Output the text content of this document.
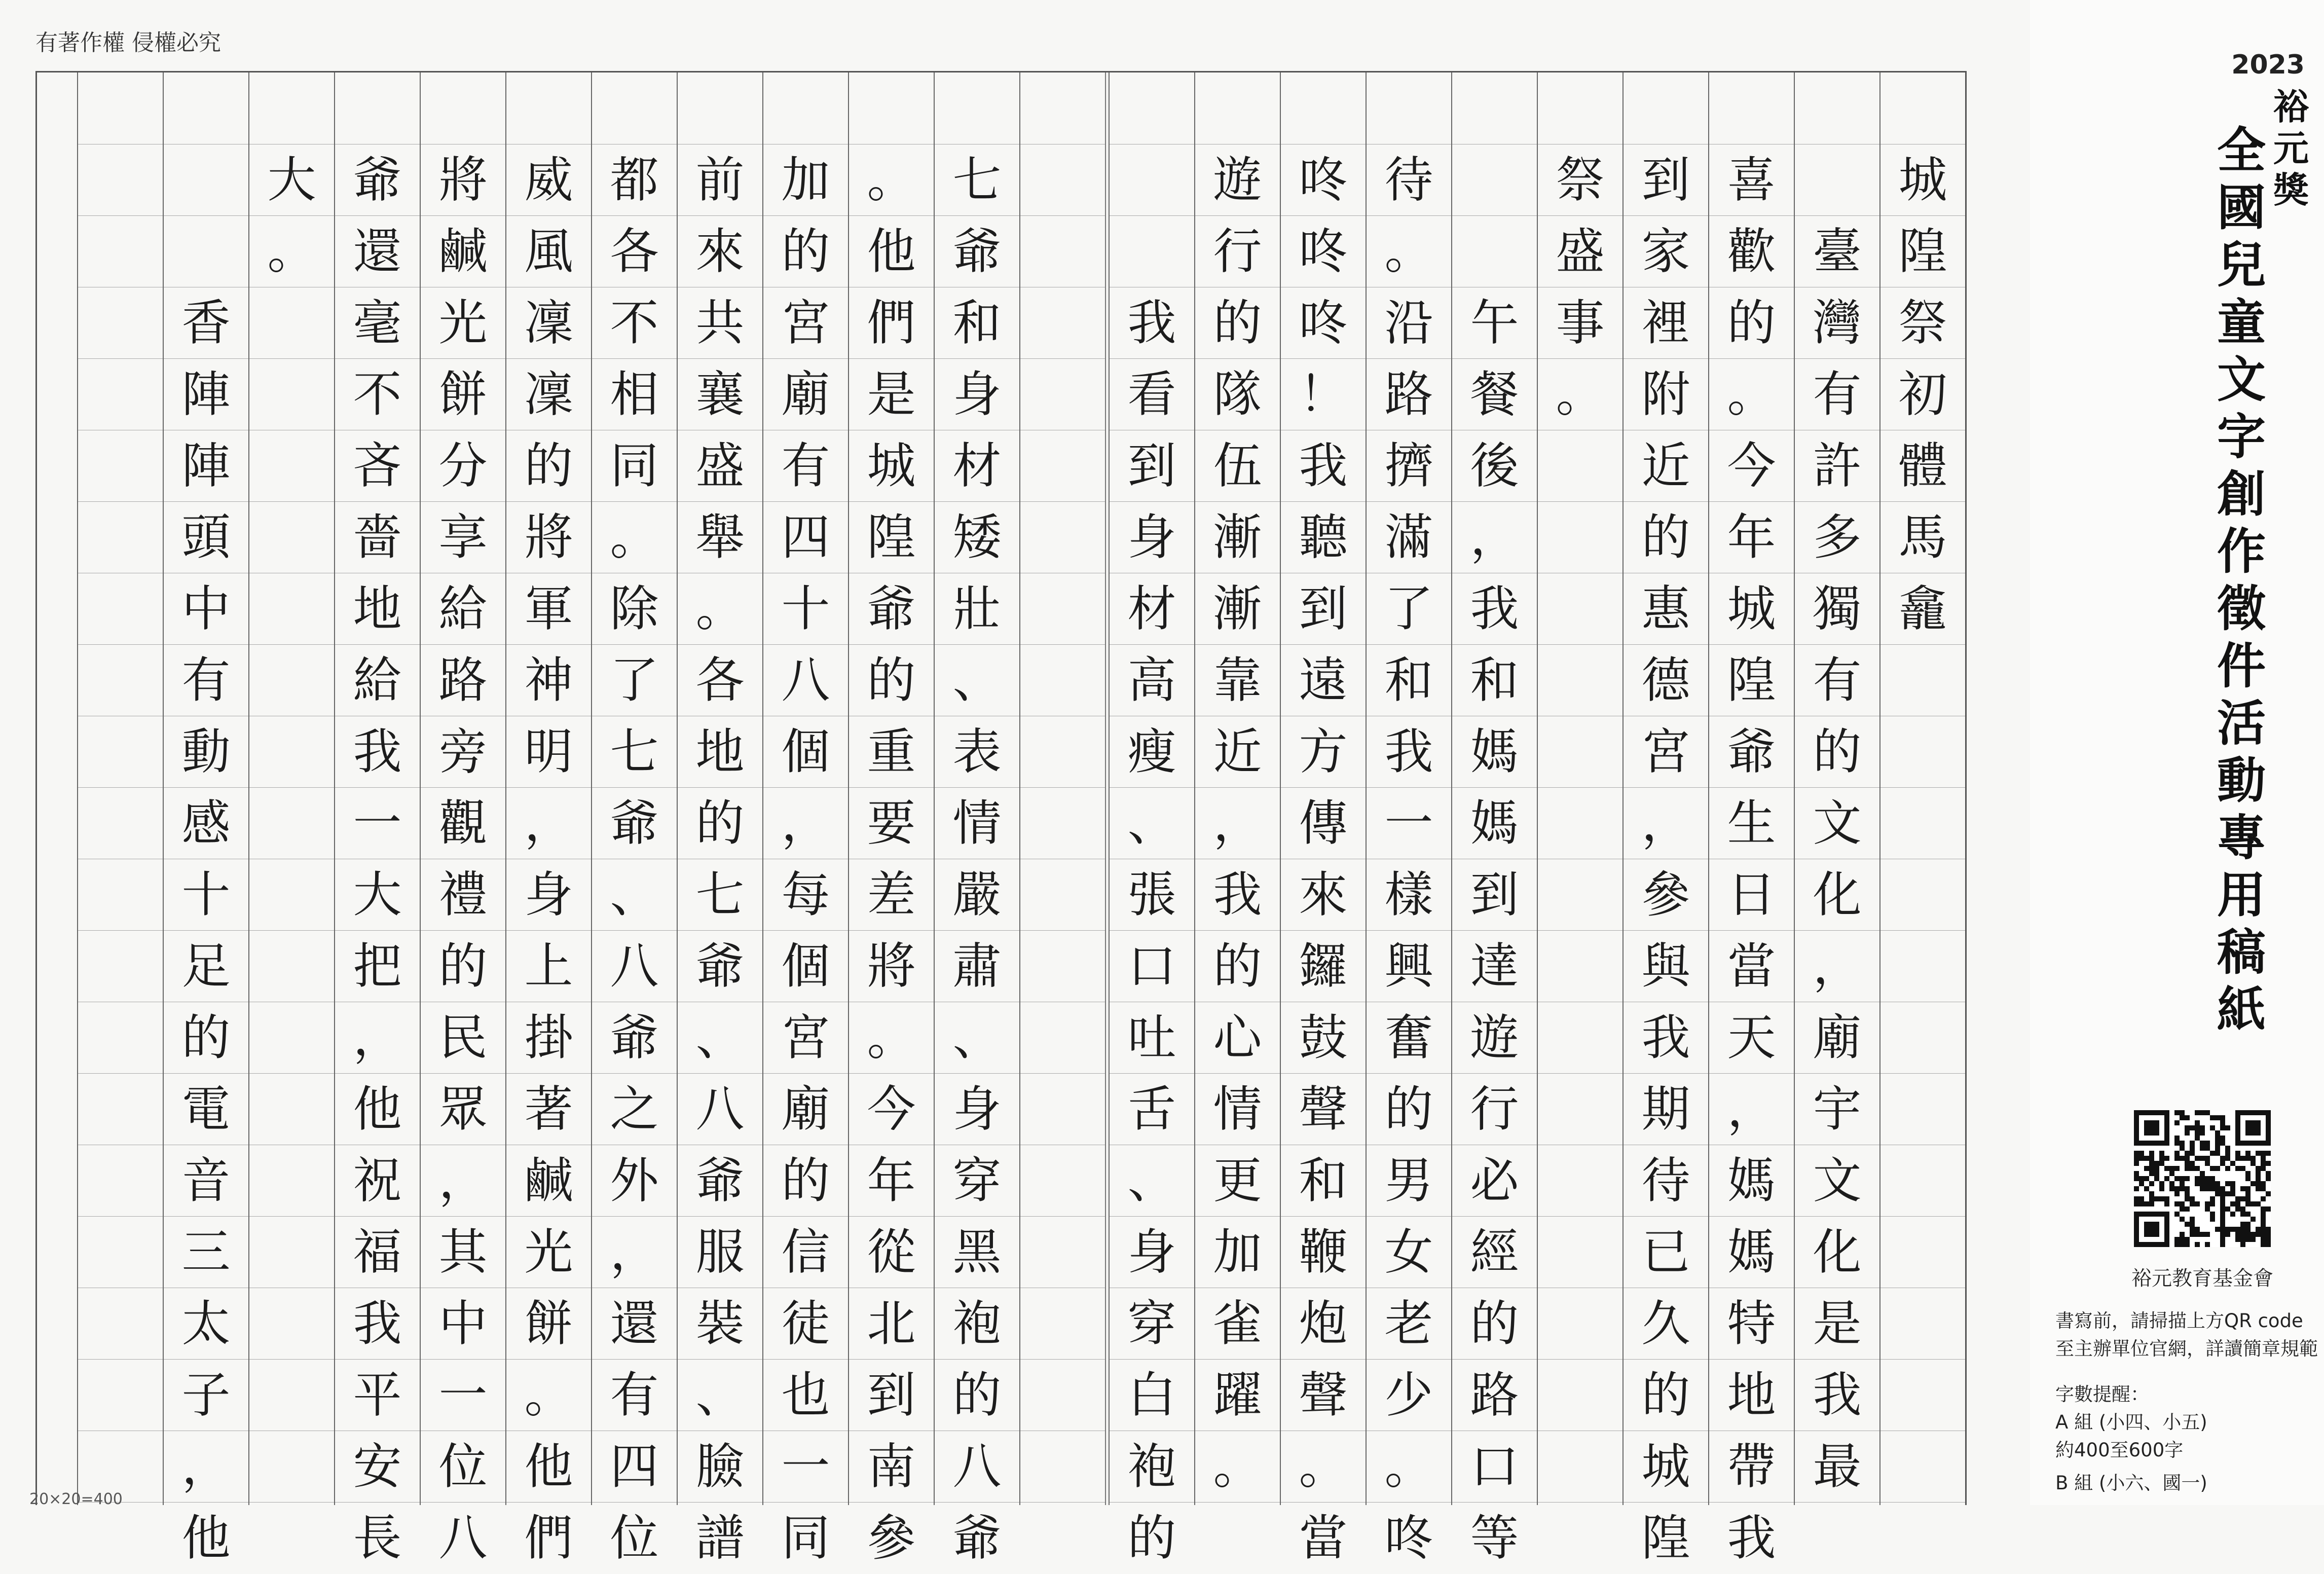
有著作權 侵權必究
城
隍
祭
初
體
馬龕
臺
灣
有
許
多
獨
有
的
文
化
，
廟
宇
文
化
是
我
最
喜
歡
的
。
今
年
城
隍
爺
生
日
當
天
，
媽
媽
特
地
帶
我
到
家
裡
附
近
的
惠
德
宮
，
參
與
我
期
待
已
久
的
城
隍
祭
盛
事
。
午
餐
後
，
我
和
媽
媽
到
達
遊
行
必
經
的
路
口
等
待
。
沿
路
擠
滿
了
和
我
一
樣
興
奮
的
男
女
老
少
。
咚
咚
咚
咚
！
我
聽
到
遠
方
傳
來
鑼
鼓
聲
和
鞭
炮
聲
。
當
遊
行
的
隊
伍
漸
漸
靠
近
，
我
的
心
情
更
加
雀
躍
。
我
看
到
身
材
高
瘦
、
張
口
吐
舌
、
身
穿
白
袍
的
七
爺
和
身
材
矮
壯
、
表
情
嚴
肅
、
身
穿
黑
袍
的
八
爺
。
他
們
是
城
隍
爺
的
重
要
差
將
。
今
年
從
北
到
南
參
加
的
宮
廟
有
四
十
八
個
，
每
個
宮
廟
的
信
徒
也
一
同
前
來
共
襄
盛
舉
。
各
地
的
七
爺
、
八
爺
服
裝
、
臉
譜
都
各
不
相
同
。
除
了
七
爺
、
八
爺
之
外
，
還
有
四
位
威
風
凜
凜
的
將
軍
神
明
，
身
上
掛
著
鹹
光
餅
。
他
們
將
鹹
光
餅
分
享
給
路
旁
觀
禮
的
民
眾
，
其
中
一
位
八
爺
還
毫
不
吝
嗇
地
給
我
一
大
把
，
他
祝
福
我
平
安
長
大
。
香
陣
陣
頭
中
有
動
感
十
足
的
電
音
三
太
子
，
他
20×20=400
2023
裕元獎
全國兒童文字創作徵件活動專用稿紙
裕元教育基金會
書寫前，請掃描上方QR code
至主辦單位官網，詳讀簡章規範
字數提醒：
A 組 (小四、小五)
約400至600字
B 組 (小六、國一)
